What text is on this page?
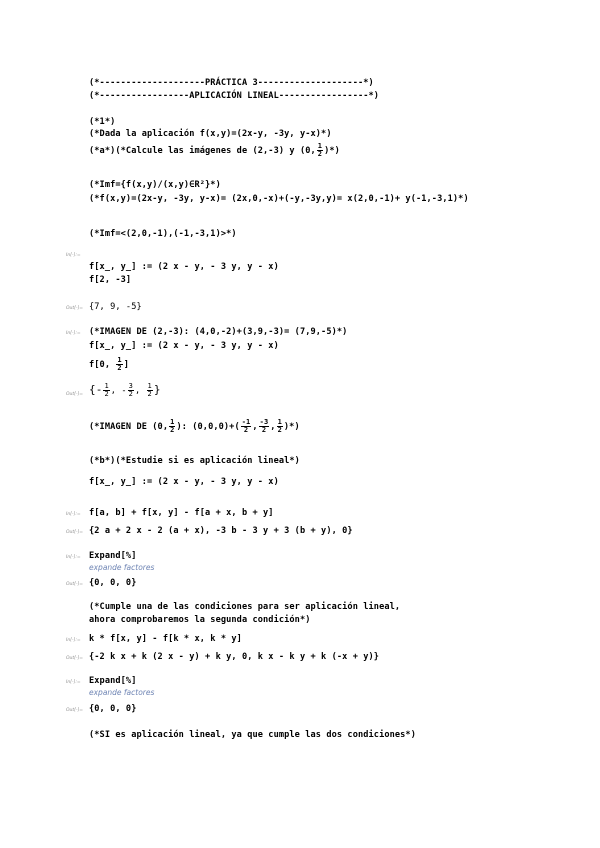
(*--------------------PRÁCTICA 3--------------------*)
(*-----------------APLICACIÓN LINEAL-----------------*)
(*1*)
(*Dada la aplicación f(x,y)=(2x-y, -3y, y-x)*)
(*a*)(*Calcule las imágenes de (2,-3) y (0, $\frac{1}{2}$ )*)
(*Imf={f(x,y)/(x,y)∈R²}*)
(*f(x,y)=(2x-y, -3y, y-x)= (2x,0,-x)+(-y,-3y,y)= x(2,0,-1)+ y(-1,-3,1)*)
(*Imf=<(2,0,-1),(-1,-3,1)>*)
In[-]:=
f[x_, y_] := (2 x - y, - 3 y, y - x)
f[2, -3]
Out[-]= {7, 9, -5}
In[-]:= (*IMAGEN DE (2,-3): (4,0,-2)+(3,9,-3)= (7,9,-5)*)
f[x_, y_] := (2 x - y, - 3 y, y - x)
f[0, $\frac{1}{2}$ ]
Out[-]= {- $\frac{1}{2}$ , - $\frac{3}{2}$ , $\frac{1}{2}$ }
(*IMAGEN DE (0, $\frac{1}{2}$ ): $(0,0,0)+( \frac{-1}{2}$ , $\frac{-3}{2}$ , $\frac{1}{2}$ )*)
(*b*)(*Estudie si es aplicación lineal*)
f[x_, y_] := (2 x - y, - 3 y, y - x)
In[-]:= f[a, b] + f[x, y] - f[a + x, b + y]
Out[-]= {2 a + 2 x - 2 (a + x), -3 b - 3 y + 3 (b + y), 0}
In[-]:= Expand[%]
expande factores
Out[-]= {0, 0, 0}
(*Cumple una de las condiciones para ser aplicación lineal,
ahora comprobaremos la segunda condición*)
In[-]:= k * f[x, y] - f[k * x, k * y]
Out[-]= {-2 k x + k (2 x - y) + k y, 0, k x - k y + k (-x + y)}
In[-]:= Expand[%]
expande factores
Out[-]= {0, 0, 0}
(*SI es aplicación lineal, ya que cumple las dos condiciones*)
